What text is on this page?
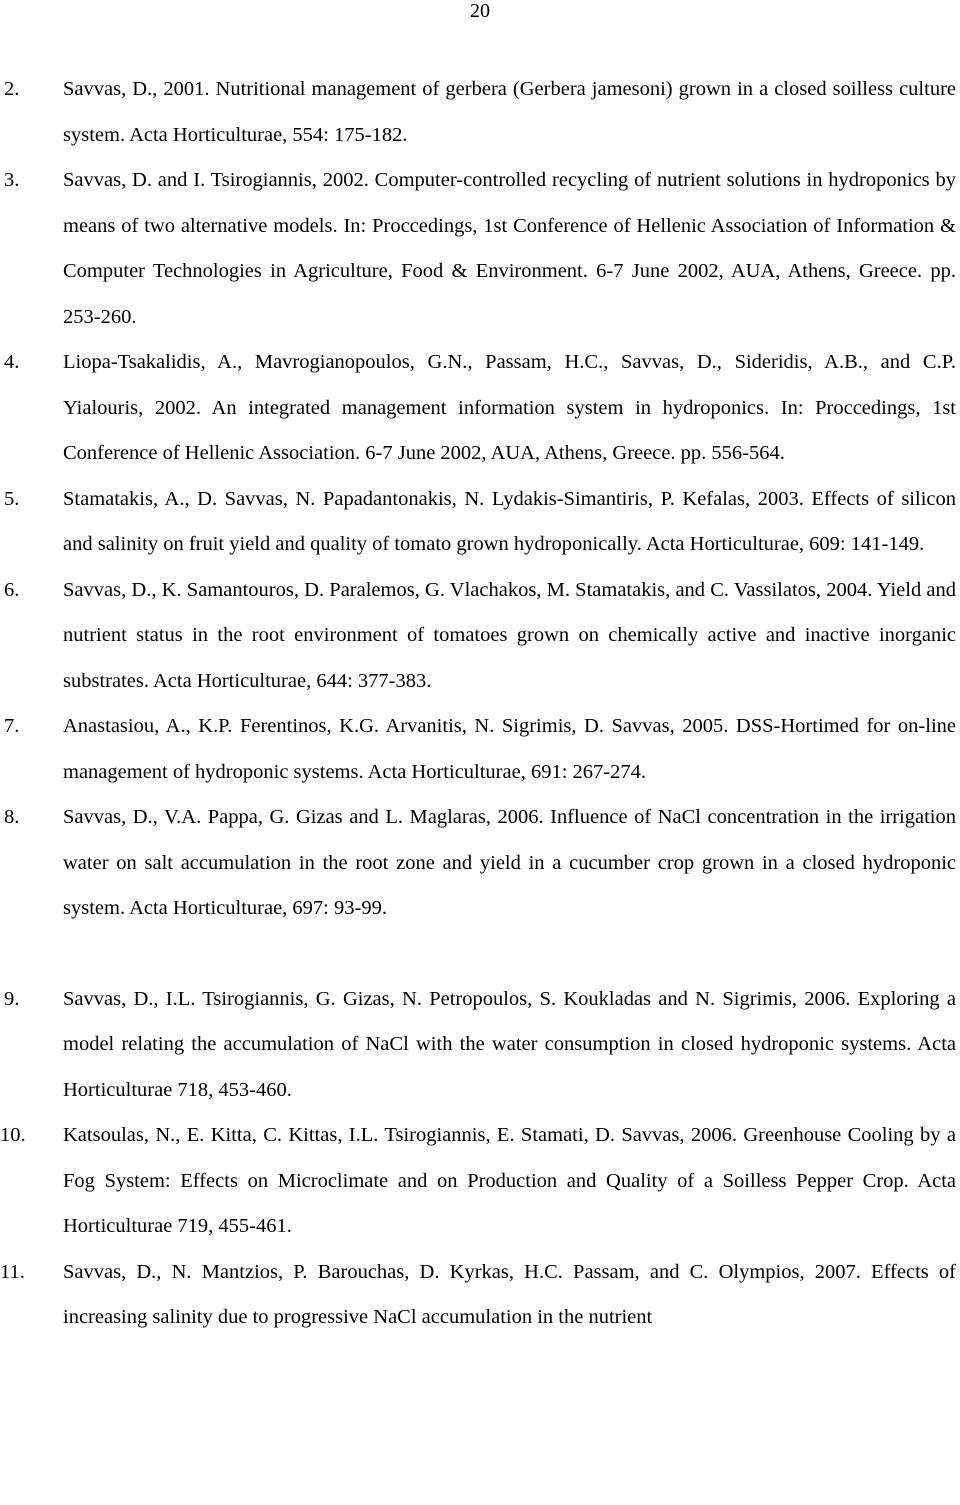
20
2. Savvas, D., 2001. Nutritional management of gerbera (Gerbera jamesoni) grown in a closed soilless culture system. Acta Horticulturae, 554: 175-182.
3. Savvas, D. and I. Tsirogiannis, 2002. Computer-controlled recycling of nutrient solutions in hydroponics by means of two alternative models. In: Proccedings, 1st Conference of Hellenic Association of Information & Computer Technologies in Agriculture, Food & Environment. 6-7 June 2002, AUA, Athens, Greece. pp. 253-260.
4. Liopa-Tsakalidis, A., Mavrogianopoulos, G.N., Passam, H.C., Savvas, D., Sideridis, A.B., and C.P. Yialouris, 2002. An integrated management information system in hydroponics. In: Proccedings, 1st Conference of Hellenic Association. 6-7 June 2002, AUA, Athens, Greece. pp. 556-564.
5. Stamatakis, A., D. Savvas, N. Papadantonakis, N. Lydakis-Simantiris, P. Kefalas, 2003. Effects of silicon and salinity on fruit yield and quality of tomato grown hydroponically. Acta Horticulturae, 609: 141-149.
6. Savvas, D., K. Samantouros, D. Paralemos, G. Vlachakos, M. Stamatakis, and C. Vassilatos, 2004. Yield and nutrient status in the root environment of tomatoes grown on chemically active and inactive inorganic substrates. Acta Horticulturae, 644: 377-383.
7. Anastasiou, A., K.P. Ferentinos, K.G. Arvanitis, N. Sigrimis, D. Savvas, 2005. DSS-Hortimed for on-line management of hydroponic systems. Acta Horticulturae, 691: 267-274.
8. Savvas, D., V.A. Pappa, G. Gizas and L. Maglaras, 2006. Influence of NaCl concentration in the irrigation water on salt accumulation in the root zone and yield in a cucumber crop grown in a closed hydroponic system. Acta Horticulturae, 697: 93-99.
9. Savvas, D., I.L. Tsirogiannis, G. Gizas, N. Petropoulos, S. Koukladas and N. Sigrimis, 2006. Exploring a model relating the accumulation of NaCl with the water consumption in closed hydroponic systems. Acta Horticulturae 718, 453-460.
10. Katsoulas, N., E. Kitta, C. Kittas, I.L. Tsirogiannis, E. Stamati, D. Savvas, 2006. Greenhouse Cooling by a Fog System: Effects on Microclimate and on Production and Quality of a Soilless Pepper Crop. Acta Horticulturae 719, 455-461.
11. Savvas, D., N. Mantzios, P. Barouchas, D. Kyrkas, H.C. Passam, and C. Olympios, 2007. Effects of increasing salinity due to progressive NaCl accumulation in the nutrient
